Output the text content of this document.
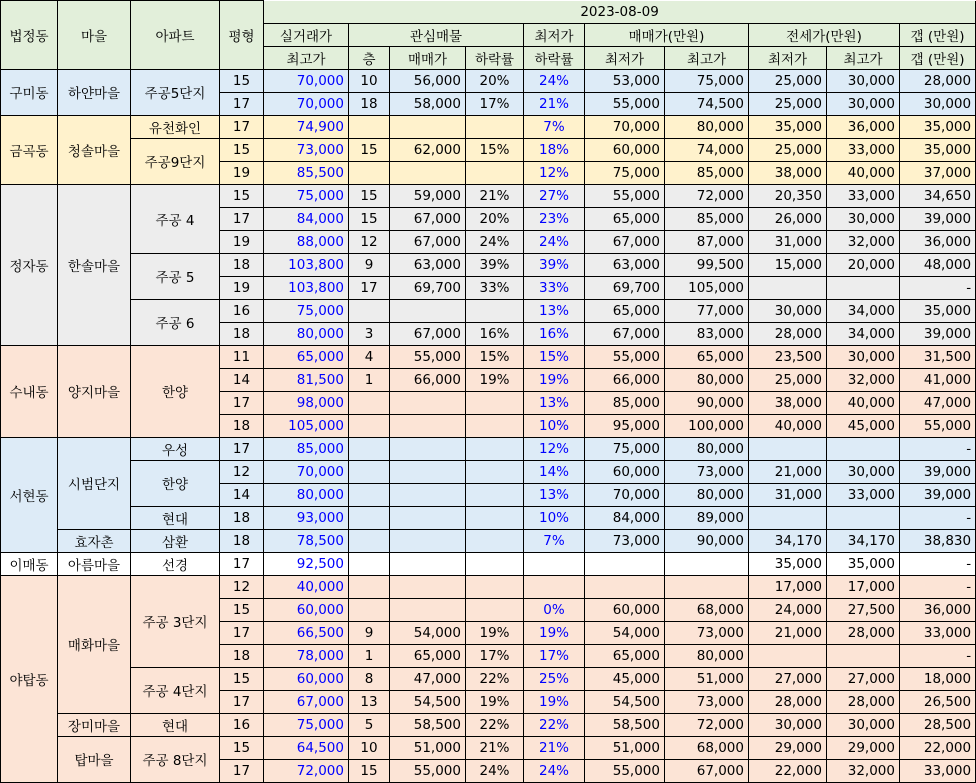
법정동	마을	아파트	평형	2023-08-09									
				실거래가	관심매물			최저가	매매가(만원)		전세가(만원)		갭 (만원)
				최고가	층	매매가	하락률	하락률	최저가	최고가	최저가	최고가	갭 (만원)
구미동	하얀마을	주공5단지	15	70,000	10	56,000	20%	24%	53,000	75,000	25,000	30,000	28,000
			17	70,000	18	58,000	17%	21%	55,000	74,500	25,000	30,000	30,000
금곡동	청솔마을	유천화인	17	74,900				7%	70,000	80,000	35,000	36,000	35,000
		주공9단지	15	73,000	15	62,000	15%	18%	60,000	74,000	25,000	33,000	35,000
			19	85,500				12%	75,000	85,000	38,000	40,000	37,000
정자동	한솔마을	주공 4	15	75,000	15	59,000	21%	27%	55,000	72,000	20,350	33,000	34,650
			17	84,000	15	67,000	20%	23%	65,000	85,000	26,000	30,000	39,000
			19	88,000	12	67,000	24%	24%	67,000	87,000	31,000	32,000	36,000
		주공 5	18	103,800	9	63,000	39%	39%	63,000	99,500	15,000	20,000	48,000
			19	103,800	17	69,700	33%	33%	69,700	105,000			-
		주공 6	16	75,000				13%	65,000	77,000	30,000	34,000	35,000
			18	80,000	3	67,000	16%	16%	67,000	83,000	28,000	34,000	39,000
수내동	양지마을	한양	11	65,000	4	55,000	15%	15%	55,000	65,000	23,500	30,000	31,500
			14	81,500	1	66,000	19%	19%	66,000	80,000	25,000	32,000	41,000
			17	98,000				13%	85,000	90,000	38,000	40,000	47,000
			18	105,000				10%	95,000	100,000	40,000	45,000	55,000
서현동	시범단지	우성	17	85,000				12%	75,000	80,000			-
		한양	12	70,000				14%	60,000	73,000	21,000	30,000	39,000
			14	80,000				13%	70,000	80,000	31,000	33,000	39,000
		현대	18	93,000				10%	84,000	89,000			-
	효자촌	삼환	18	78,500				7%	73,000	90,000	34,170	34,170	38,830
이매동	아름마을	선경	17	92,500							35,000	35,000	-
야탑동	매화마을	주공 3단지	12	40,000							17,000	17,000	-
			15	60,000				0%	60,000	68,000	24,000	27,500	36,000
			17	66,500	9	54,000	19%	19%	54,000	73,000	21,000	28,000	33,000
			18	78,000	1	65,000	17%	17%	65,000	80,000			-
		주공 4단지	15	60,000	8	47,000	22%	25%	45,000	51,000	27,000	27,000	18,000
			17	67,000	13	54,500	19%	19%	54,500	73,000	28,000	28,000	26,500
	장미마을	현대	16	75,000	5	58,500	22%	22%	58,500	72,000	30,000	30,000	28,500
	탑마을	주공 8단지	15	64,500	10	51,000	21%	21%	51,000	68,000	29,000	29,000	22,000
			17	72,000	15	55,000	24%	24%	55,000	67,000	22,000	32,000	33,000
